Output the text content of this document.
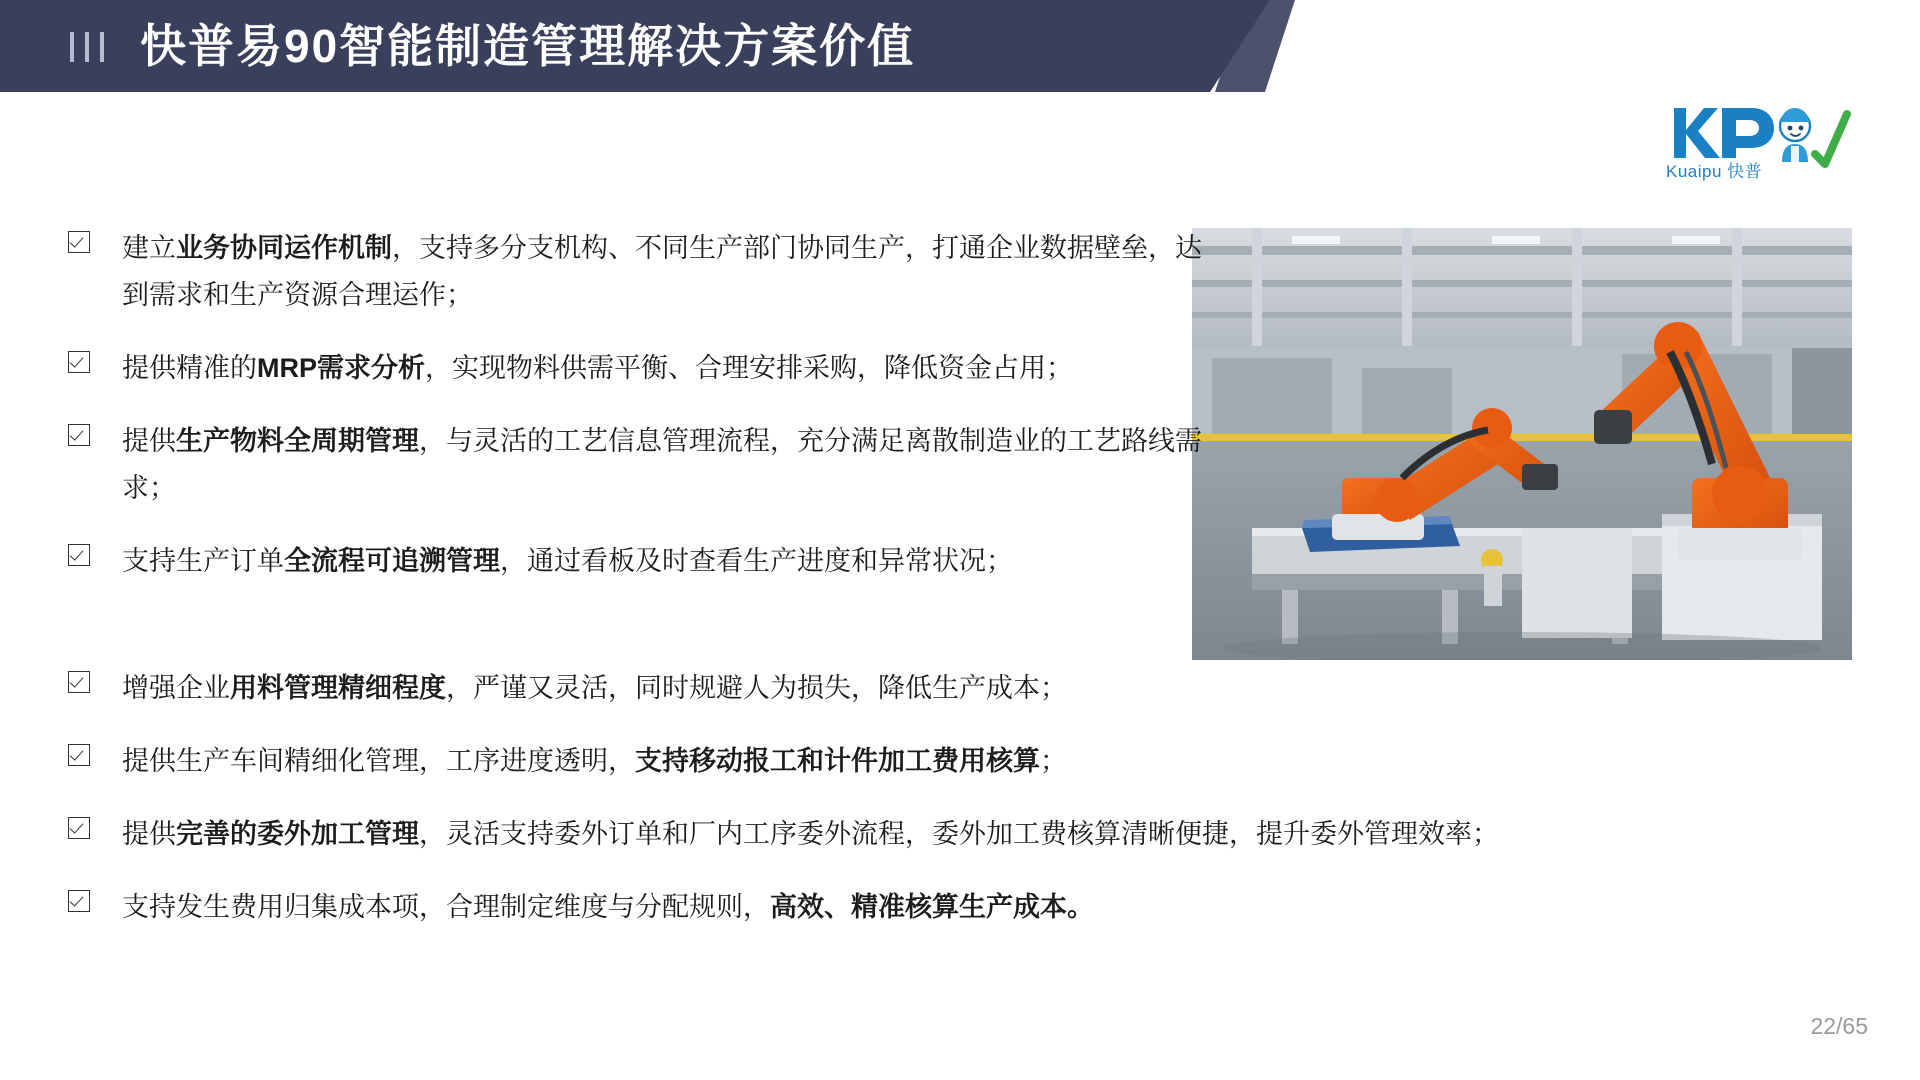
快普易90智能制造管理解决方案价值
Kuaipu 快普
建立业务协同运作机制，支持多分支机构、不同生产部门协同生产，打通企业数据壁垒，达到需求和生产资源合理运作；
提供精准的MRP需求分析，实现物料供需平衡、合理安排采购，降低资金占用；
提供生产物料全周期管理，与灵活的工艺信息管理流程，充分满足离散制造业的工艺路线需求；
支持生产订单全流程可追溯管理，通过看板及时查看生产进度和异常状况；
增强企业用料管理精细程度，严谨又灵活，同时规避人为损失，降低生产成本；
提供生产车间精细化管理，工序进度透明，支持移动报工和计件加工费用核算；
提供完善的委外加工管理，灵活支持委外订单和厂内工序委外流程，委外加工费核算清晰便捷，提升委外管理效率；
支持发生费用归集成本项，合理制定维度与分配规则，高效、精准核算生产成本。
22/65
